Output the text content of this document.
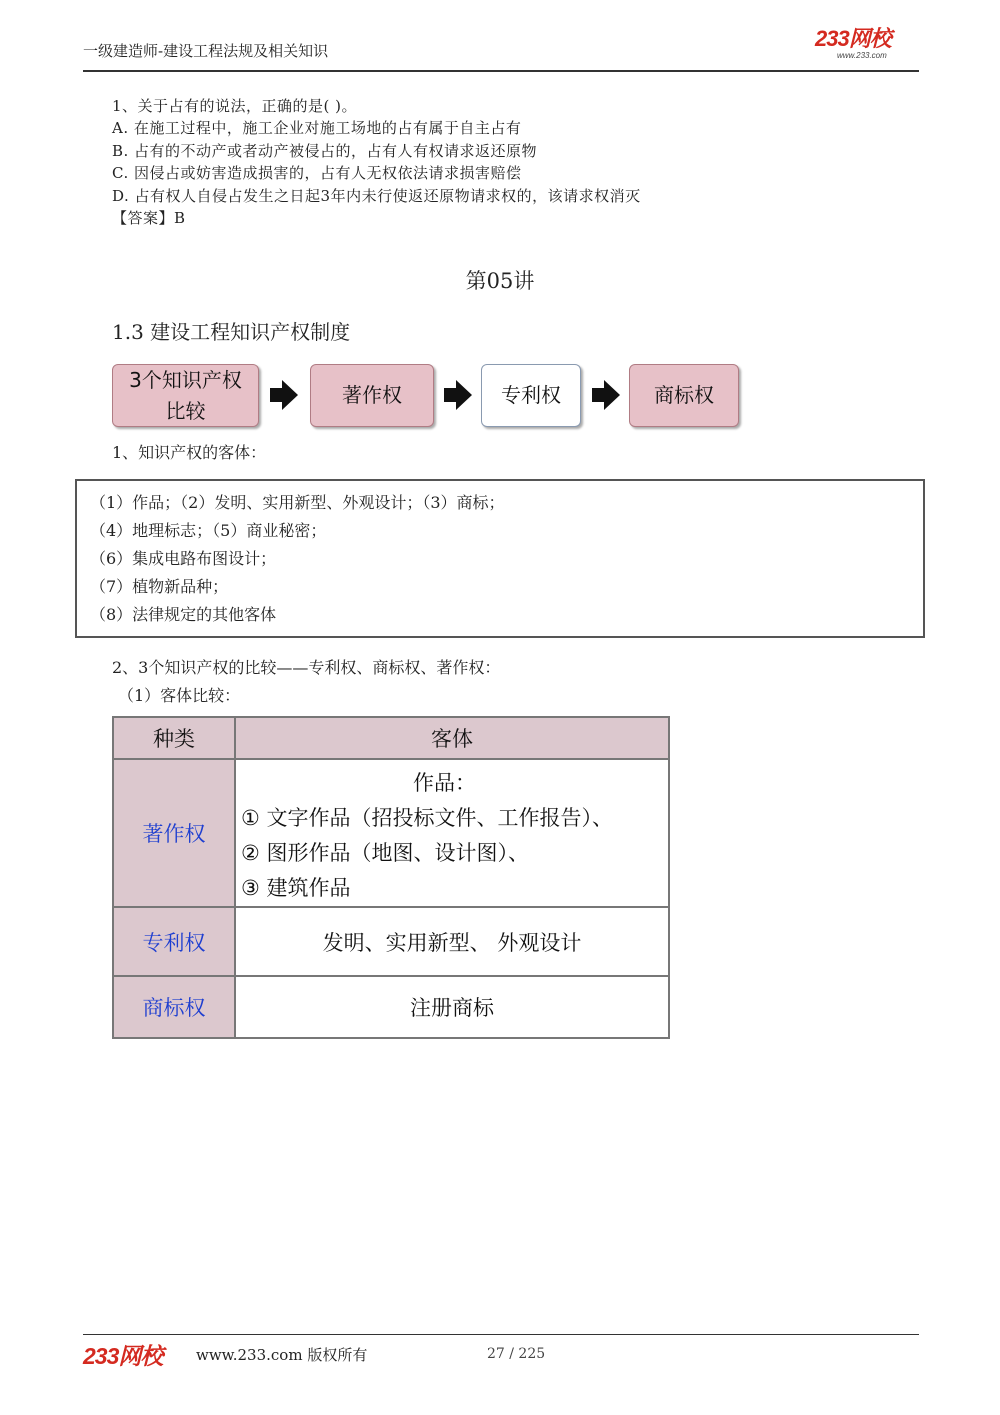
一级建造师-建设工程法规及相关知识	233网校
www.233.com
1、关于占有的说法，正确的是( )。
A. 在施工过程中，施工企业对施工场地的占有属于自主占有
B. 占有的不动产或者动产被侵占的，占有人有权请求返还原物
C. 因侵占或妨害造成损害的，占有人无权依法请求损害赔偿
D. 占有权人自侵占发生之日起3年内未行使返还原物请求权的，该请求权消灭
【答案】B
第05讲
1.3 建设工程知识产权制度
3个知识产权
比较
著作权	专利权	商标权
1、知识产权的客体：
（1）作品；（2）发明、实用新型、外观设计；（3）商标；
（4）地理标志；（5）商业秘密；
（6）集成电路布图设计；
（7）植物新品种；
（8）法律规定的其他客体
2、3个知识产权的比较——专利权、商标权、著作权：
（1）客体比较：
种类	客体
著作权	作品：
① 文字作品（招投标文件、工作报告）、
② 图形作品（地图、设计图）、
③ 建筑作品

专利权	发明、实用新型、 外观设计
商标权	注册商标
233网校 www.233.com 版权所有	27 / 225
